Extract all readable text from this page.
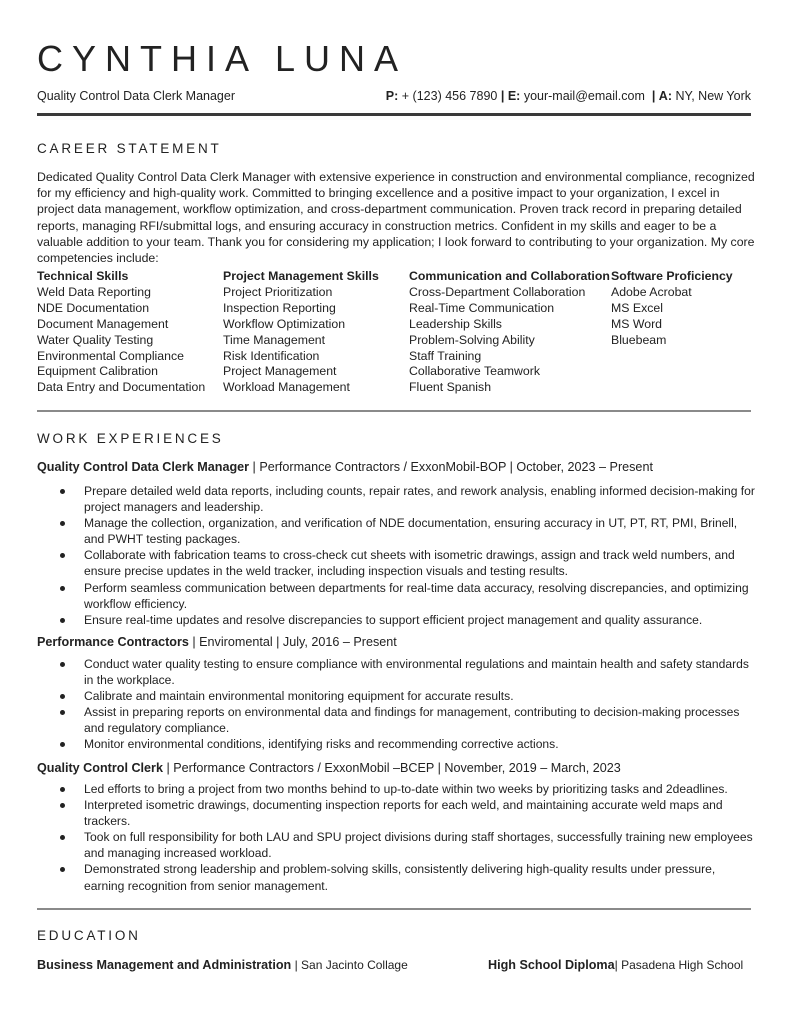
CYNTHIA LUNA
Quality Control Data Clerk Manager	P: + (123) 456 7890 | E: your-mail@email.com | A: NY, New York
CAREER STATEMENT
Dedicated Quality Control Data Clerk Manager with extensive experience in construction and environmental compliance, recognized for my efficiency and high-quality work. Committed to bringing excellence and a positive impact to your organization, I excel in project data management, workflow optimization, and cross-department communication. Proven track record in preparing detailed reports, managing RFI/submittal logs, and ensuring accuracy in construction metrics. Confident in my skills and eager to be a valuable addition to your team. Thank you for considering my application; I look forward to contributing to your organization. My core competencies include:
Technical Skills
Weld Data Reporting
NDE Documentation
Document Management
Water Quality Testing
Environmental Compliance
Equipment Calibration
Data Entry and Documentation
Project Management Skills
Project Prioritization
Inspection Reporting
Workflow Optimization
Time Management
Risk Identification
Project Management
Workload Management
Communication and Collaboration
Cross-Department Collaboration
Real-Time Communication
Leadership Skills
Problem-Solving Ability
Staff Training
Collaborative Teamwork
Fluent Spanish
Software Proficiency
Adobe Acrobat
MS Excel
MS Word
Bluebeam
WORK EXPERIENCES
Quality Control Data Clerk Manager | Performance Contractors / ExxonMobil-BOP | October, 2023 – Present
Prepare detailed weld data reports, including counts, repair rates, and rework analysis, enabling informed decision-making for project managers and leadership.
Manage the collection, organization, and verification of NDE documentation, ensuring accuracy in UT, PT, RT, PMI, Brinell, and PWHT testing packages.
Collaborate with fabrication teams to cross-check cut sheets with isometric drawings, assign and track weld numbers, and ensure precise updates in the weld tracker, including inspection visuals and testing results.
Perform seamless communication between departments for real-time data accuracy, resolving discrepancies, and optimizing workflow efficiency.
Ensure real-time updates and resolve discrepancies to support efficient project management and quality assurance.
Performance Contractors | Enviromental | July, 2016 – Present
Conduct water quality testing to ensure compliance with environmental regulations and maintain health and safety standards in the workplace.
Calibrate and maintain environmental monitoring equipment for accurate results.
Assist in preparing reports on environmental data and findings for management, contributing to decision-making processes and regulatory compliance.
Monitor environmental conditions, identifying risks and recommending corrective actions.
Quality Control Clerk | Performance Contractors / ExxonMobil –BCEP | November, 2019 – March, 2023
Led efforts to bring a project from two months behind to up-to-date within two weeks by prioritizing tasks and 2deadlines.
Interpreted isometric drawings, documenting inspection reports for each weld, and maintaining accurate weld maps and trackers.
Took on full responsibility for both LAU and SPU project divisions during staff shortages, successfully training new employees and managing increased workload.
Demonstrated strong leadership and problem-solving skills, consistently delivering high-quality results under pressure, earning recognition from senior management.
EDUCATION
Business Management and Administration | San Jacinto Collage	High School Diploma| Pasadena High School
